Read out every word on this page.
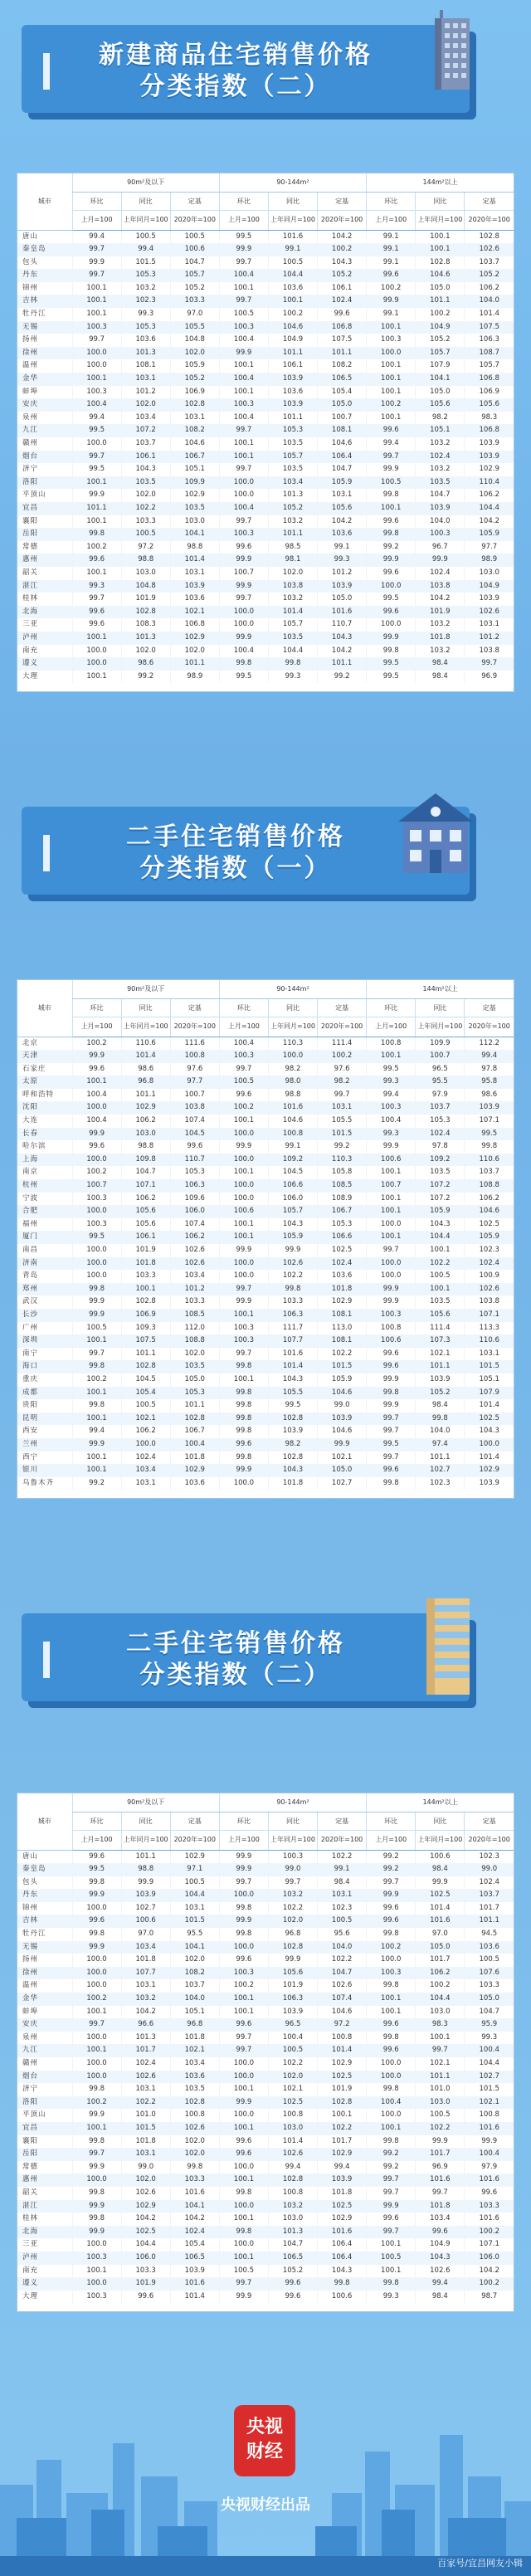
新建商品住宅销售价格
分类指数（二）
城市	90m²及以下			90-144m²			144m²以上		
	环比	同比	定基	环比	同比	定基	环比	同比	定基
	上月=100	上年同月=100	2020年=100	上月=100	上年同月=100	2020年=100	上月=100	上年同月=100	2020年=100
唐山	99.4	100.5	100.5	99.5	101.6	104.2	99.1	100.1	102.8
秦皇岛	99.7	99.4	100.6	99.9	99.1	100.2	99.1	100.1	102.6
包头	99.9	101.5	104.7	99.7	100.5	104.3	99.1	102.8	103.7
丹东	99.7	105.3	105.7	100.4	104.4	105.2	99.6	104.6	105.2
锦州	100.1	103.2	105.2	100.1	103.6	106.1	100.2	105.0	106.2
吉林	100.1	102.3	103.3	99.7	100.1	102.4	99.9	101.1	104.0
牡丹江	100.1	99.3	97.0	100.5	100.2	99.6	99.1	100.2	101.4
无锡	100.3	105.3	105.5	100.3	104.6	106.8	100.1	104.9	107.5
扬州	99.7	103.6	104.8	100.4	104.9	107.5	100.3	105.2	106.3
徐州	100.0	101.3	102.0	99.9	101.1	101.1	100.0	105.7	108.7
温州	100.0	108.1	105.9	100.1	106.1	108.2	100.1	107.9	105.7
金华	100.1	103.1	105.2	100.4	103.9	106.5	100.1	104.1	106.8
蚌埠	100.3	101.2	106.9	100.1	103.6	105.4	100.1	105.0	106.9
安庆	100.4	102.0	102.8	100.3	103.9	105.0	100.2	105.6	105.6
泉州	99.4	103.4	103.1	100.4	101.1	100.7	100.1	98.2	98.3
九江	99.5	107.2	108.2	99.7	105.3	108.1	99.6	105.1	106.8
赣州	100.0	103.7	104.6	100.1	103.5	104.6	99.4	103.2	103.9
烟台	99.7	106.1	106.7	100.1	105.7	106.4	99.7	102.4	103.9
济宁	99.5	104.3	105.1	99.7	103.5	104.7	99.9	103.2	102.9
洛阳	100.1	103.5	109.9	100.0	103.4	105.9	100.5	103.5	110.4
平顶山	99.9	102.0	102.9	100.0	101.3	103.1	99.8	104.7	106.2
宜昌	101.1	102.2	103.5	100.4	105.2	105.6	100.1	103.9	104.4
襄阳	100.1	103.3	103.0	99.7	103.2	104.2	99.6	104.0	104.2
岳阳	99.8	100.5	104.1	100.3	101.1	103.6	99.8	100.3	105.9
常德	100.2	97.2	98.8	99.6	98.5	99.1	99.2	96.7	97.7
惠州	99.6	98.8	101.4	99.9	98.1	99.3	99.9	99.9	98.9
韶关	100.1	103.0	103.1	100.7	102.0	101.2	99.6	102.4	103.0
湛江	99.3	104.8	103.9	99.9	103.8	103.9	100.0	103.8	104.9
桂林	99.7	101.9	103.6	99.7	103.2	105.0	99.5	104.2	103.9
北海	99.6	102.8	102.1	100.0	101.4	101.6	99.6	101.9	102.6
三亚	99.6	108.3	106.8	100.0	105.7	110.7	100.0	103.2	103.1
泸州	100.1	101.3	102.9	99.9	103.5	104.3	99.9	101.8	101.2
南充	100.0	102.0	102.0	100.4	104.4	104.2	99.8	103.2	103.8
遵义	100.0	98.6	101.1	99.8	99.8	101.1	99.5	98.4	99.7
大理	100.1	99.2	98.9	99.5	99.3	99.2	99.5	98.4	96.9
二手住宅销售价格
分类指数（一）
城市	90m²及以下			90-144m²			144m²以上		
	环比	同比	定基	环比	同比	定基	环比	同比	定基
	上月=100	上年同月=100	2020年=100	上月=100	上年同月=100	2020年=100	上月=100	上年同月=100	2020年=100
北京	100.2	110.6	111.6	100.4	110.3	111.4	100.8	109.9	112.2
天津	99.9	101.4	100.8	100.3	100.0	100.2	100.1	100.7	99.4
石家庄	99.6	98.6	97.6	99.7	98.2	97.6	99.5	96.5	97.8
太原	100.1	96.8	97.7	100.5	98.0	98.2	99.3	95.5	95.8
呼和浩特	100.4	101.1	100.7	99.6	98.8	99.7	99.4	97.9	98.6
沈阳	100.0	102.9	103.8	100.2	101.6	103.1	100.3	103.7	103.9
大连	100.4	106.2	107.4	100.1	104.6	105.5	100.4	105.3	107.1
长春	99.9	103.0	104.5	100.0	100.8	101.5	99.3	102.4	99.5
哈尔滨	99.6	98.8	99.6	99.9	99.1	99.2	99.9	97.8	99.8
上海	100.0	109.8	110.7	100.0	109.2	110.3	100.6	109.2	110.6
南京	100.2	104.7	105.3	100.1	104.5	105.8	100.1	103.5	103.7
杭州	100.7	107.1	106.3	100.0	106.6	108.5	100.7	107.2	108.8
宁波	100.3	106.2	109.6	100.0	106.0	108.9	100.1	107.2	106.2
合肥	100.0	105.6	106.0	100.6	105.7	106.7	100.1	105.9	104.6
福州	100.3	105.6	107.4	100.1	104.3	105.3	100.0	104.3	102.5
厦门	99.5	106.1	106.2	100.1	105.9	106.6	100.1	104.4	105.9
南昌	100.0	101.9	102.6	99.9	99.9	102.5	99.7	100.1	102.3
济南	100.0	101.8	102.6	100.0	102.6	102.4	100.0	102.2	102.4
青岛	100.0	103.3	103.4	100.0	102.2	103.6	100.0	100.5	100.9
郑州	99.8	100.1	101.2	99.7	99.8	101.8	99.9	100.1	102.6
武汉	99.9	102.8	103.3	99.9	103.3	102.9	99.9	103.5	103.8
长沙	99.9	106.9	108.5	100.1	106.3	108.1	100.3	105.6	107.1
广州	100.5	109.3	112.0	100.3	111.7	113.0	100.8	111.4	113.3
深圳	100.1	107.5	108.8	100.3	107.7	108.1	100.6	107.3	110.6
南宁	99.7	101.1	102.0	99.7	101.6	102.2	99.6	102.1	103.1
海口	99.8	102.8	103.5	99.8	101.4	101.5	99.6	101.1	101.5
重庆	100.2	104.5	105.0	100.1	104.3	105.9	99.9	103.9	105.1
成都	100.1	105.4	105.3	99.8	105.5	104.6	99.8	105.2	107.9
贵阳	99.8	100.5	101.1	99.8	99.5	99.0	99.9	98.4	101.4
昆明	100.1	102.1	102.8	99.8	102.8	103.9	99.7	99.8	102.5
西安	99.4	106.2	106.7	99.8	103.9	104.6	99.7	104.0	104.3
兰州	99.9	100.0	100.4	99.6	98.2	99.9	99.5	97.4	100.0
西宁	100.1	102.4	101.8	99.8	102.8	102.1	99.7	101.1	101.4
银川	100.1	103.4	102.9	99.9	104.3	105.0	99.6	102.7	102.9
乌鲁木齐	99.2	103.1	103.6	100.0	101.8	102.7	99.8	102.3	103.9
二手住宅销售价格
分类指数（二）
城市	90m²及以下			90-144m²			144m²以上		
	环比	同比	定基	环比	同比	定基	环比	同比	定基
	上月=100	上年同月=100	2020年=100	上月=100	上年同月=100	2020年=100	上月=100	上年同月=100	2020年=100
唐山	99.6	101.1	102.9	99.9	100.3	102.2	99.2	100.6	102.3
秦皇岛	99.5	98.8	97.1	99.9	99.0	99.1	99.2	98.4	99.0
包头	99.8	99.9	100.5	99.7	99.7	98.4	99.7	99.9	102.4
丹东	99.9	103.9	104.4	100.0	103.2	103.1	99.9	102.5	103.7
锦州	100.0	102.7	103.1	99.8	102.2	102.3	99.6	101.4	101.7
吉林	99.6	100.6	101.5	99.9	102.0	100.5	99.6	101.6	101.1
牡丹江	99.8	97.0	95.5	99.8	96.8	95.6	99.8	97.0	94.5
无锡	99.9	103.4	104.1	100.0	102.8	104.0	100.2	105.0	103.6
扬州	100.0	101.8	102.0	99.6	99.9	102.2	100.0	101.7	100.5
徐州	100.0	107.7	108.2	100.3	105.6	104.7	100.3	106.2	107.6
温州	100.0	103.1	103.7	100.2	101.9	102.6	99.8	100.2	103.3
金华	100.2	103.2	104.0	100.1	106.3	107.4	100.1	104.4	105.0
蚌埠	100.1	104.2	105.1	100.1	103.9	104.6	100.1	103.0	104.7
安庆	99.7	96.6	96.8	99.6	96.5	97.2	99.6	98.3	95.9
泉州	100.0	101.3	101.8	99.7	100.4	100.8	99.8	100.1	99.3
九江	100.1	101.7	102.1	99.7	100.5	101.4	99.6	99.7	100.4
赣州	100.0	102.4	103.4	100.0	102.2	102.9	100.0	102.1	104.4
烟台	100.0	102.6	103.6	100.0	102.0	102.5	100.0	101.1	102.7
济宁	99.8	103.1	103.5	100.1	102.1	101.9	99.8	101.0	101.5
洛阳	100.2	102.2	102.8	99.9	102.5	102.8	100.4	103.0	102.1
平顶山	99.9	101.0	100.8	100.0	100.8	100.1	100.0	100.5	100.8
宜昌	100.1	101.5	102.6	100.1	103.0	102.2	100.1	102.2	101.6
襄阳	99.8	101.8	102.0	99.6	101.4	101.7	99.8	99.9	99.9
岳阳	99.7	103.1	102.0	99.6	102.6	102.9	99.2	101.7	100.4
常德	99.9	99.0	99.8	100.0	99.4	99.4	99.2	96.9	97.9
惠州	100.0	102.0	103.3	100.1	102.8	103.9	99.7	101.6	101.6
韶关	99.8	102.6	101.6	99.8	100.8	101.8	99.7	99.7	99.6
湛江	99.9	102.9	104.1	100.0	103.2	102.5	99.9	101.8	103.3
桂林	99.8	104.2	104.2	100.1	103.0	102.9	99.6	103.4	101.6
北海	99.9	102.5	102.4	99.8	101.3	101.6	99.7	99.6	100.2
三亚	100.0	104.4	105.4	100.0	104.7	106.4	100.1	104.9	107.1
泸州	100.3	106.0	106.5	100.1	106.5	106.4	100.5	104.3	106.0
南充	100.1	103.3	103.9	100.5	105.2	104.3	100.1	102.6	104.2
遵义	100.0	101.9	101.6	99.7	99.6	99.8	99.8	99.4	100.2
大理	100.3	99.6	101.4	99.9	99.6	100.6	99.3	98.4	98.7
央视
财经
央视财经出品
百家号/宜昌网友小辑
